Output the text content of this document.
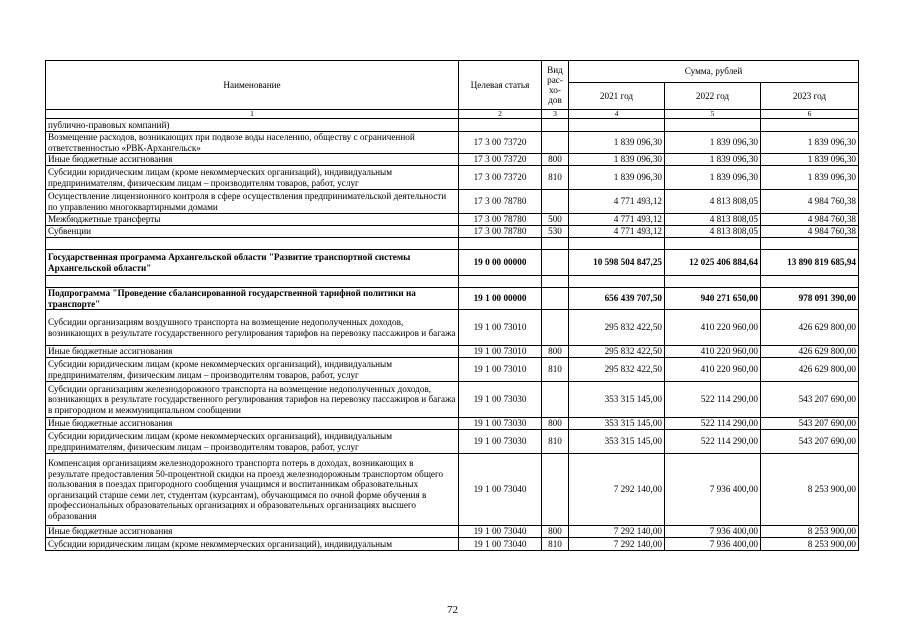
Наименование	Целевая статья	Вид рас-хо-дов	Сумма, рублей		
			2021 год	2022 год	2023 год
1	2	3	4	5	6
публично-правовых компаний)					
Возмещение расходов, возникающих при подвозе воды населению, обществу с ограниченной ответственностью «РВК-Архангельск»	17 3 00 73720		1 839 096,30	1 839 096,30	1 839 096,30
Иные бюджетные ассигнования	17 3 00 73720	800	1 839 096,30	1 839 096,30	1 839 096,30
Субсидии юридическим лицам (кроме некоммерческих организаций), индивидуальным предпринимателям, физическим лицам – производителям товаров, работ, услуг	17 3 00 73720	810	1 839 096,30	1 839 096,30	1 839 096,30
Осуществление лицензионного контроля в сфере осуществления предпринимательской деятельности по управлению многоквартирными домами	17 3 00 78780		4 771 493,12	4 813 808,05	4 984 760,38
Межбюджетные трансферты	17 3 00 78780	500	4 771 493,12	4 813 808,05	4 984 760,38
Субвенции	17 3 00 78780	530	4 771 493,12	4 813 808,05	4 984 760,38

Государственная программа Архангельской области "Развитие транспортной системы Архангельской области"	19 0 00 00000		10 598 504 847,25	12 025 406 884,64	13 890 819 685,94

Подпрограмма "Проведение сбалансированной государственной тарифной политики на транспорте"	19 1 00 00000		656 439 707,50	940 271 650,00	978 091 390,00
Субсидии организациям воздушного транспорта на возмещение недополученных доходов, возникающих в результате государственного регулирования тарифов на перевозку пассажиров и багажа	19 1 00 73010		295 832 422,50	410 220 960,00	426 629 800,00
Иные бюджетные ассигнования	19 1 00 73010	800	295 832 422,50	410 220 960,00	426 629 800,00
Субсидии юридическим лицам (кроме некоммерческих организаций), индивидуальным предпринимателям, физическим лицам – производителям товаров, работ, услуг	19 1 00 73010	810	295 832 422,50	410 220 960,00	426 629 800,00
Субсидии организациям железнодорожного транспорта на возмещение недополученных доходов, возникающих в результате государственного регулирования тарифов на перевозку пассажиров и багажа в пригородном и межмуниципальном сообщении	19 1 00 73030		353 315 145,00	522 114 290,00	543 207 690,00
Иные бюджетные ассигнования	19 1 00 73030	800	353 315 145,00	522 114 290,00	543 207 690,00
Субсидии юридическим лицам (кроме некоммерческих организаций), индивидуальным предпринимателям, физическим лицам – производителям товаров, работ, услуг	19 1 00 73030	810	353 315 145,00	522 114 290,00	543 207 690,00
Компенсация организациям железнодорожного транспорта потерь в доходах, возникающих в результате предоставления 50-процентной скидки на проезд железнодорожным транспортом общего пользования в поездах пригородного сообщения учащимся и воспитанникам образовательных организаций старше семи лет, студентам (курсантам), обучающимся по очной форме обучения в профессиональных образовательных организациях и образовательных организациях высшего образования	19 1 00 73040		7 292 140,00	7 936 400,00	8 253 900,00
Иные бюджетные ассигнования	19 1 00 73040	800	7 292 140,00	7 936 400,00	8 253 900,00
Субсидии юридическим лицам (кроме некоммерческих организаций), индивидуальным	19 1 00 73040	810	7 292 140,00	7 936 400,00	8 253 900,00
72
